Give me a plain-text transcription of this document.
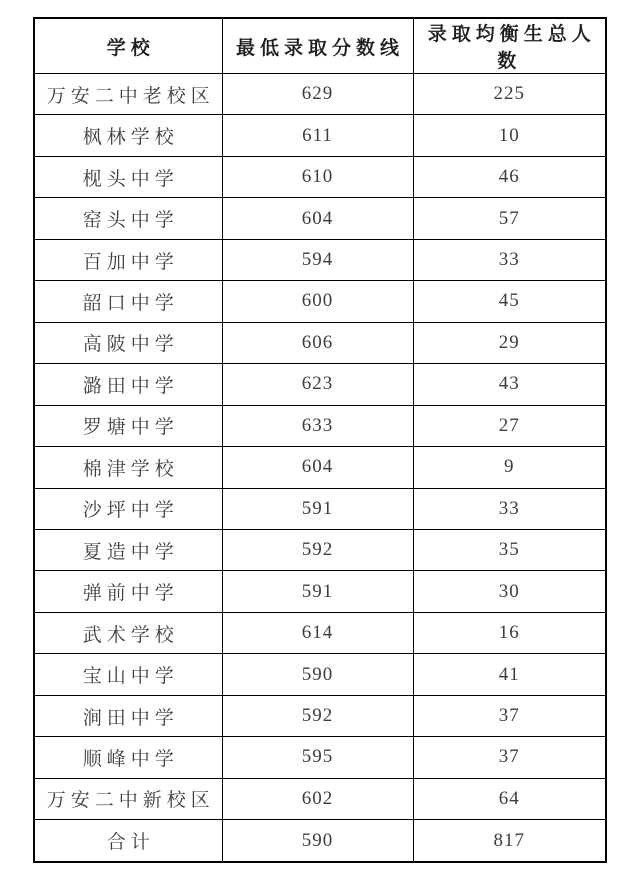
学校	最低录取分数线	录取均衡生总人数
万安二中老校区	629	225
枫林学校	611	10
枧头中学	610	46
窑头中学	604	57
百加中学	594	33
韶口中学	600	45
高陂中学	606	29
潞田中学	623	43
罗塘中学	633	27
棉津学校	604	9
沙坪中学	591	33
夏造中学	592	35
弹前中学	591	30
武术学校	614	16
宝山中学	590	41
涧田中学	592	37
顺峰中学	595	37
万安二中新校区	602	64
合计	590	817
